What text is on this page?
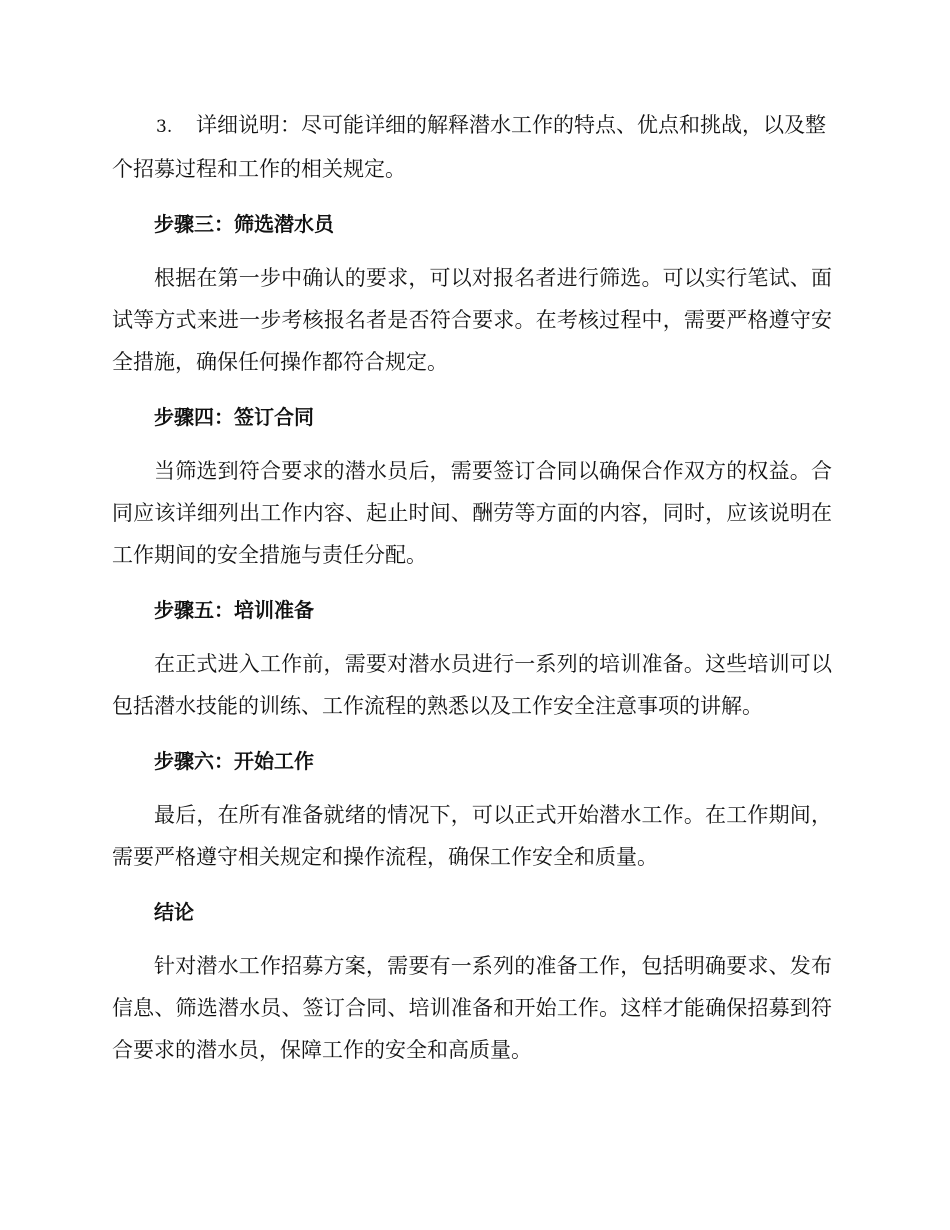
3. 详细说明：尽可能详细的解释潜水工作的特点、优点和挑战，以及整个招募过程和工作的相关规定。

步骤三：筛选潜水员

根据在第一步中确认的要求，可以对报名者进行筛选。可以实行笔试、面试等方式来进一步考核报名者是否符合要求。在考核过程中，需要严格遵守安全措施，确保任何操作都符合规定。

步骤四：签订合同

当筛选到符合要求的潜水员后，需要签订合同以确保合作双方的权益。合同应该详细列出工作内容、起止时间、酬劳等方面的内容，同时，应该说明在工作期间的安全措施与责任分配。

步骤五：培训准备

在正式进入工作前，需要对潜水员进行一系列的培训准备。这些培训可以包括潜水技能的训练、工作流程的熟悉以及工作安全注意事项的讲解。

步骤六：开始工作

最后，在所有准备就绪的情况下，可以正式开始潜水工作。在工作期间，需要严格遵守相关规定和操作流程，确保工作安全和质量。

结论

针对潜水工作招募方案，需要有一系列的准备工作，包括明确要求、发布信息、筛选潜水员、签订合同、培训准备和开始工作。这样才能确保招募到符合要求的潜水员，保障工作的安全和高质量。
